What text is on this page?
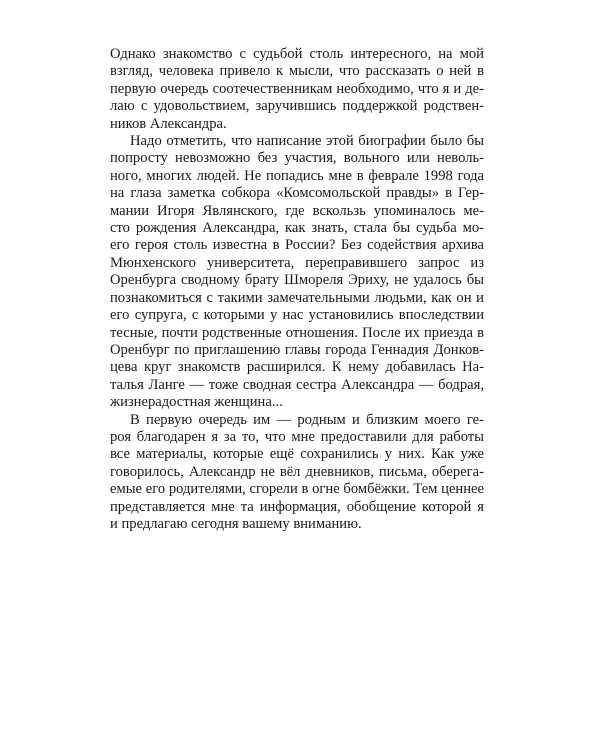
Однако знакомство с судьбой столь интересного, на мой
взгляд, человека привело к мысли, что рассказать о ней в
первую очередь соотечественникам необходимо, что я и де-
лаю с удовольствием, заручившись поддержкой родствен-
ников Александра.
Надо отметить, что написание этой биографии было бы
попросту невозможно без участия, вольного или неволь-
ного, многих людей. Не попадись мне в феврале 1998 года
на глаза заметка собкора «Комсомольской правды» в Гер-
мании Игоря Являнского, где вскользь упоминалось ме-
сто рождения Александра, как знать, стала бы судьба мо-
его героя столь известна в России? Без содействия архива
Мюнхенского университета, переправившего запрос из
Оренбурга сводному брату Шмореля Эриху, не удалось бы
познакомиться с такими замечательными людьми, как он и
его супруга, с которыми у нас установились впоследствии
тесные, почти родственные отношения. После их приезда в
Оренбург по приглашению главы города Геннадия Донков-
цева круг знакомств расширился. К нему добавилась На-
талья Ланге — тоже сводная сестра Александра — бодрая,
жизнерадостная женщина...
В первую очередь им — родным и близким моего ге-
роя благодарен я за то, что мне предоставили для работы
все материалы, которые ещё сохранились у них. Как уже
говорилось, Александр не вёл дневников, письма, оберега-
емые его родителями, сгорели в огне бомбёжки. Тем ценнее
представляется мне та информация, обобщение которой я
и предлагаю сегодня вашему вниманию.
